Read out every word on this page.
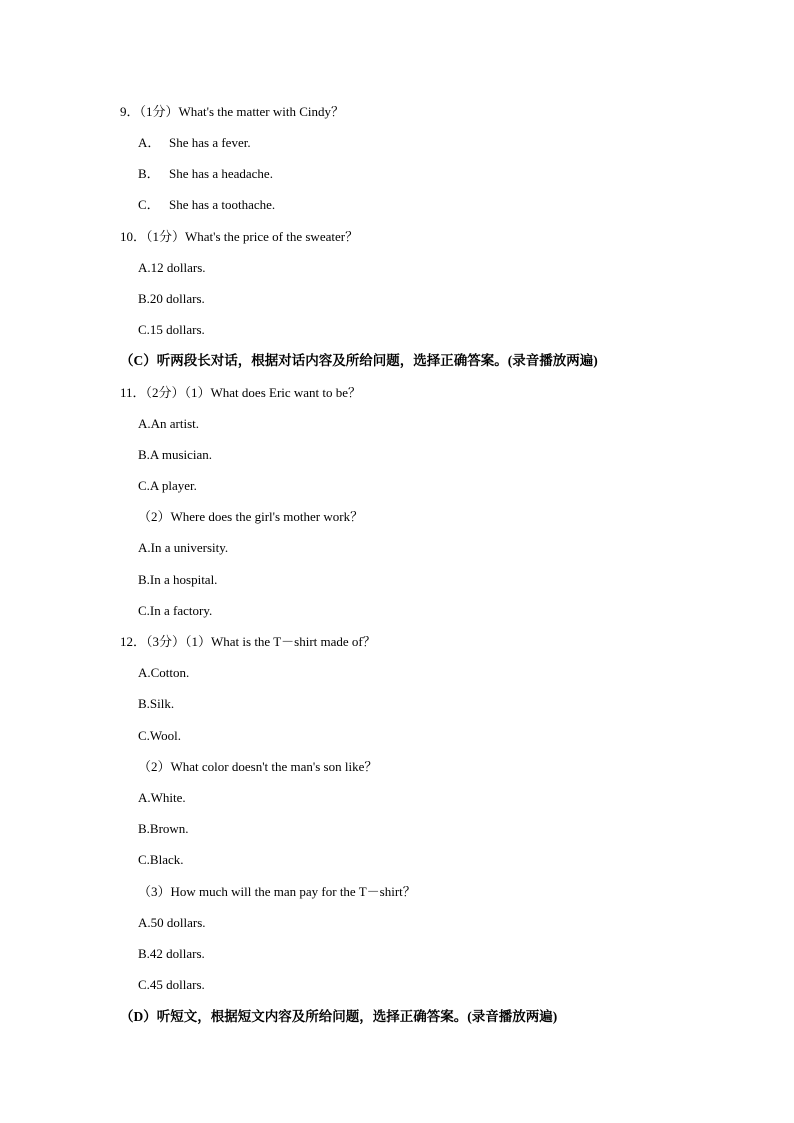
9．（1分）What's the matter with Cindy？
A． She has a fever.
B． She has a headache.
C． She has a toothache.
10．（1分）What's the price of the sweater？
A.12 dollars.
B.20 dollars.
C.15 dollars.
（C）听两段长对话，根据对话内容及所给问题，选择正确答案。(录音播放两遍)
11．（2分）（1）What does Eric want to be？
A.An artist.
B.A musician.
C.A player.
（2）Where does the girl's mother work？
A.In a university.
B.In a hospital.
C.In a factory.
12．（3分）（1）What is the T－shirt made of？
A.Cotton.
B.Silk.
C.Wool.
（2）What color doesn't the man's son like？
A.White.
B.Brown.
C.Black.
（3）How much will the man pay for the T－shirt？
A.50 dollars.
B.42 dollars.
C.45 dollars.
（D）听短文，根据短文内容及所给问题，选择正确答案。(录音播放两遍)
